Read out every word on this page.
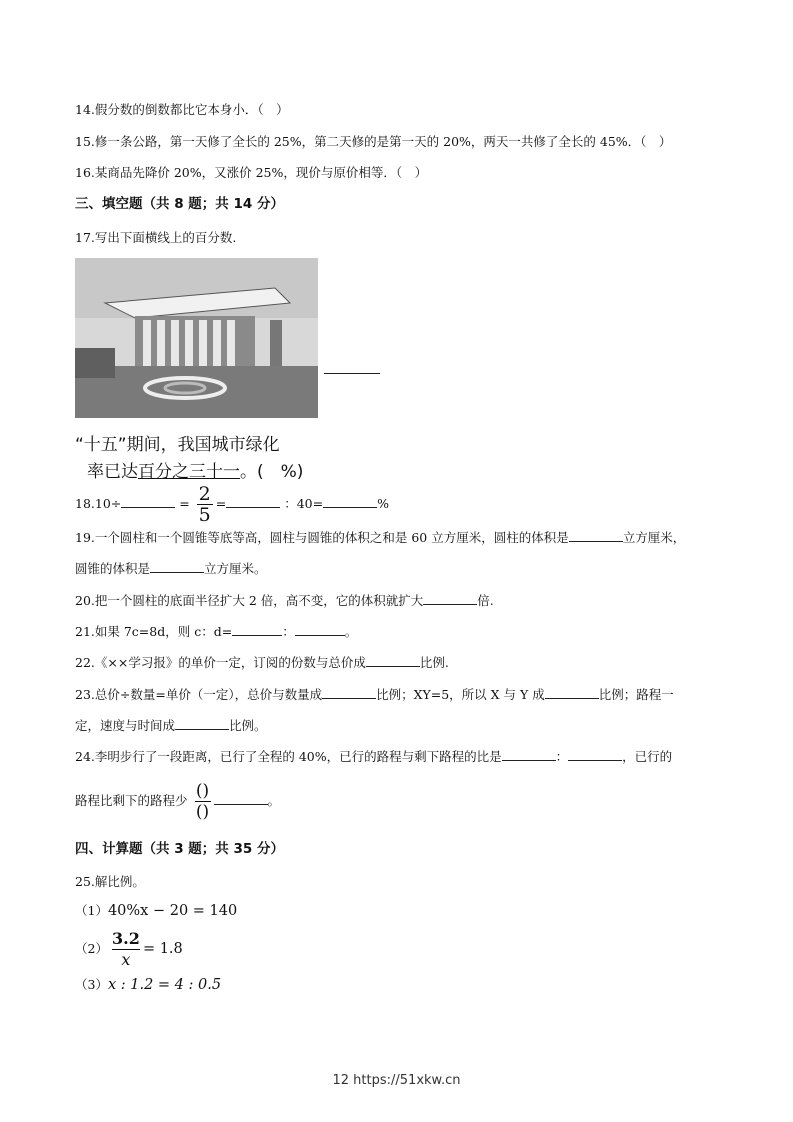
14.假分数的倒数都比它本身小．（　）
15.修一条公路，第一天修了全长的 25%，第二天修的是第一天的 20%，两天一共修了全长的 45%．（　）
16.某商品先降价 20%，又涨价 25%，现价与原价相等．（　）
三、填空题（共 8 题；共 14 分）
17.写出下面横线上的百分数.
“十五”期间，我国城市绿化
率已达百分之三十一。(　%)
18.10÷	= $\frac{2}{5}$ =	：40=	%
19.一个圆柱和一个圆锥等底等高，圆柱与圆锥的体积之和是 60 立方厘米，圆柱的体积是	立方厘米，
圆锥的体积是	立方厘米。
20.把一个圆柱的底面半径扩大 2 倍，高不变，它的体积就扩大	倍.
21.如果 7c=8d，则 c：d=	：	。
22.《××学习报》的单价一定，订阅的份数与总价成	比例.
23.总价÷数量=单价（一定），总价与数量成	比例；XY=5，所以 X 与 Y 成	比例；路程一
定，速度与时间成	比例。
24.李明步行了一段距离，已行了全程的 40%，已行的路程与剩下路程的比是	：	，已行的
路程比剩下的路程少 $\frac{()}{()}$	。
四、计算题（共 3 题；共 35 分）
25.解比例。
（1）40%x − 20 = 140
$(2) \frac{3.2}{x} = 1.8$
（3）x : 1.2 = 4 : 0.5
12 https://51xkw.cn
